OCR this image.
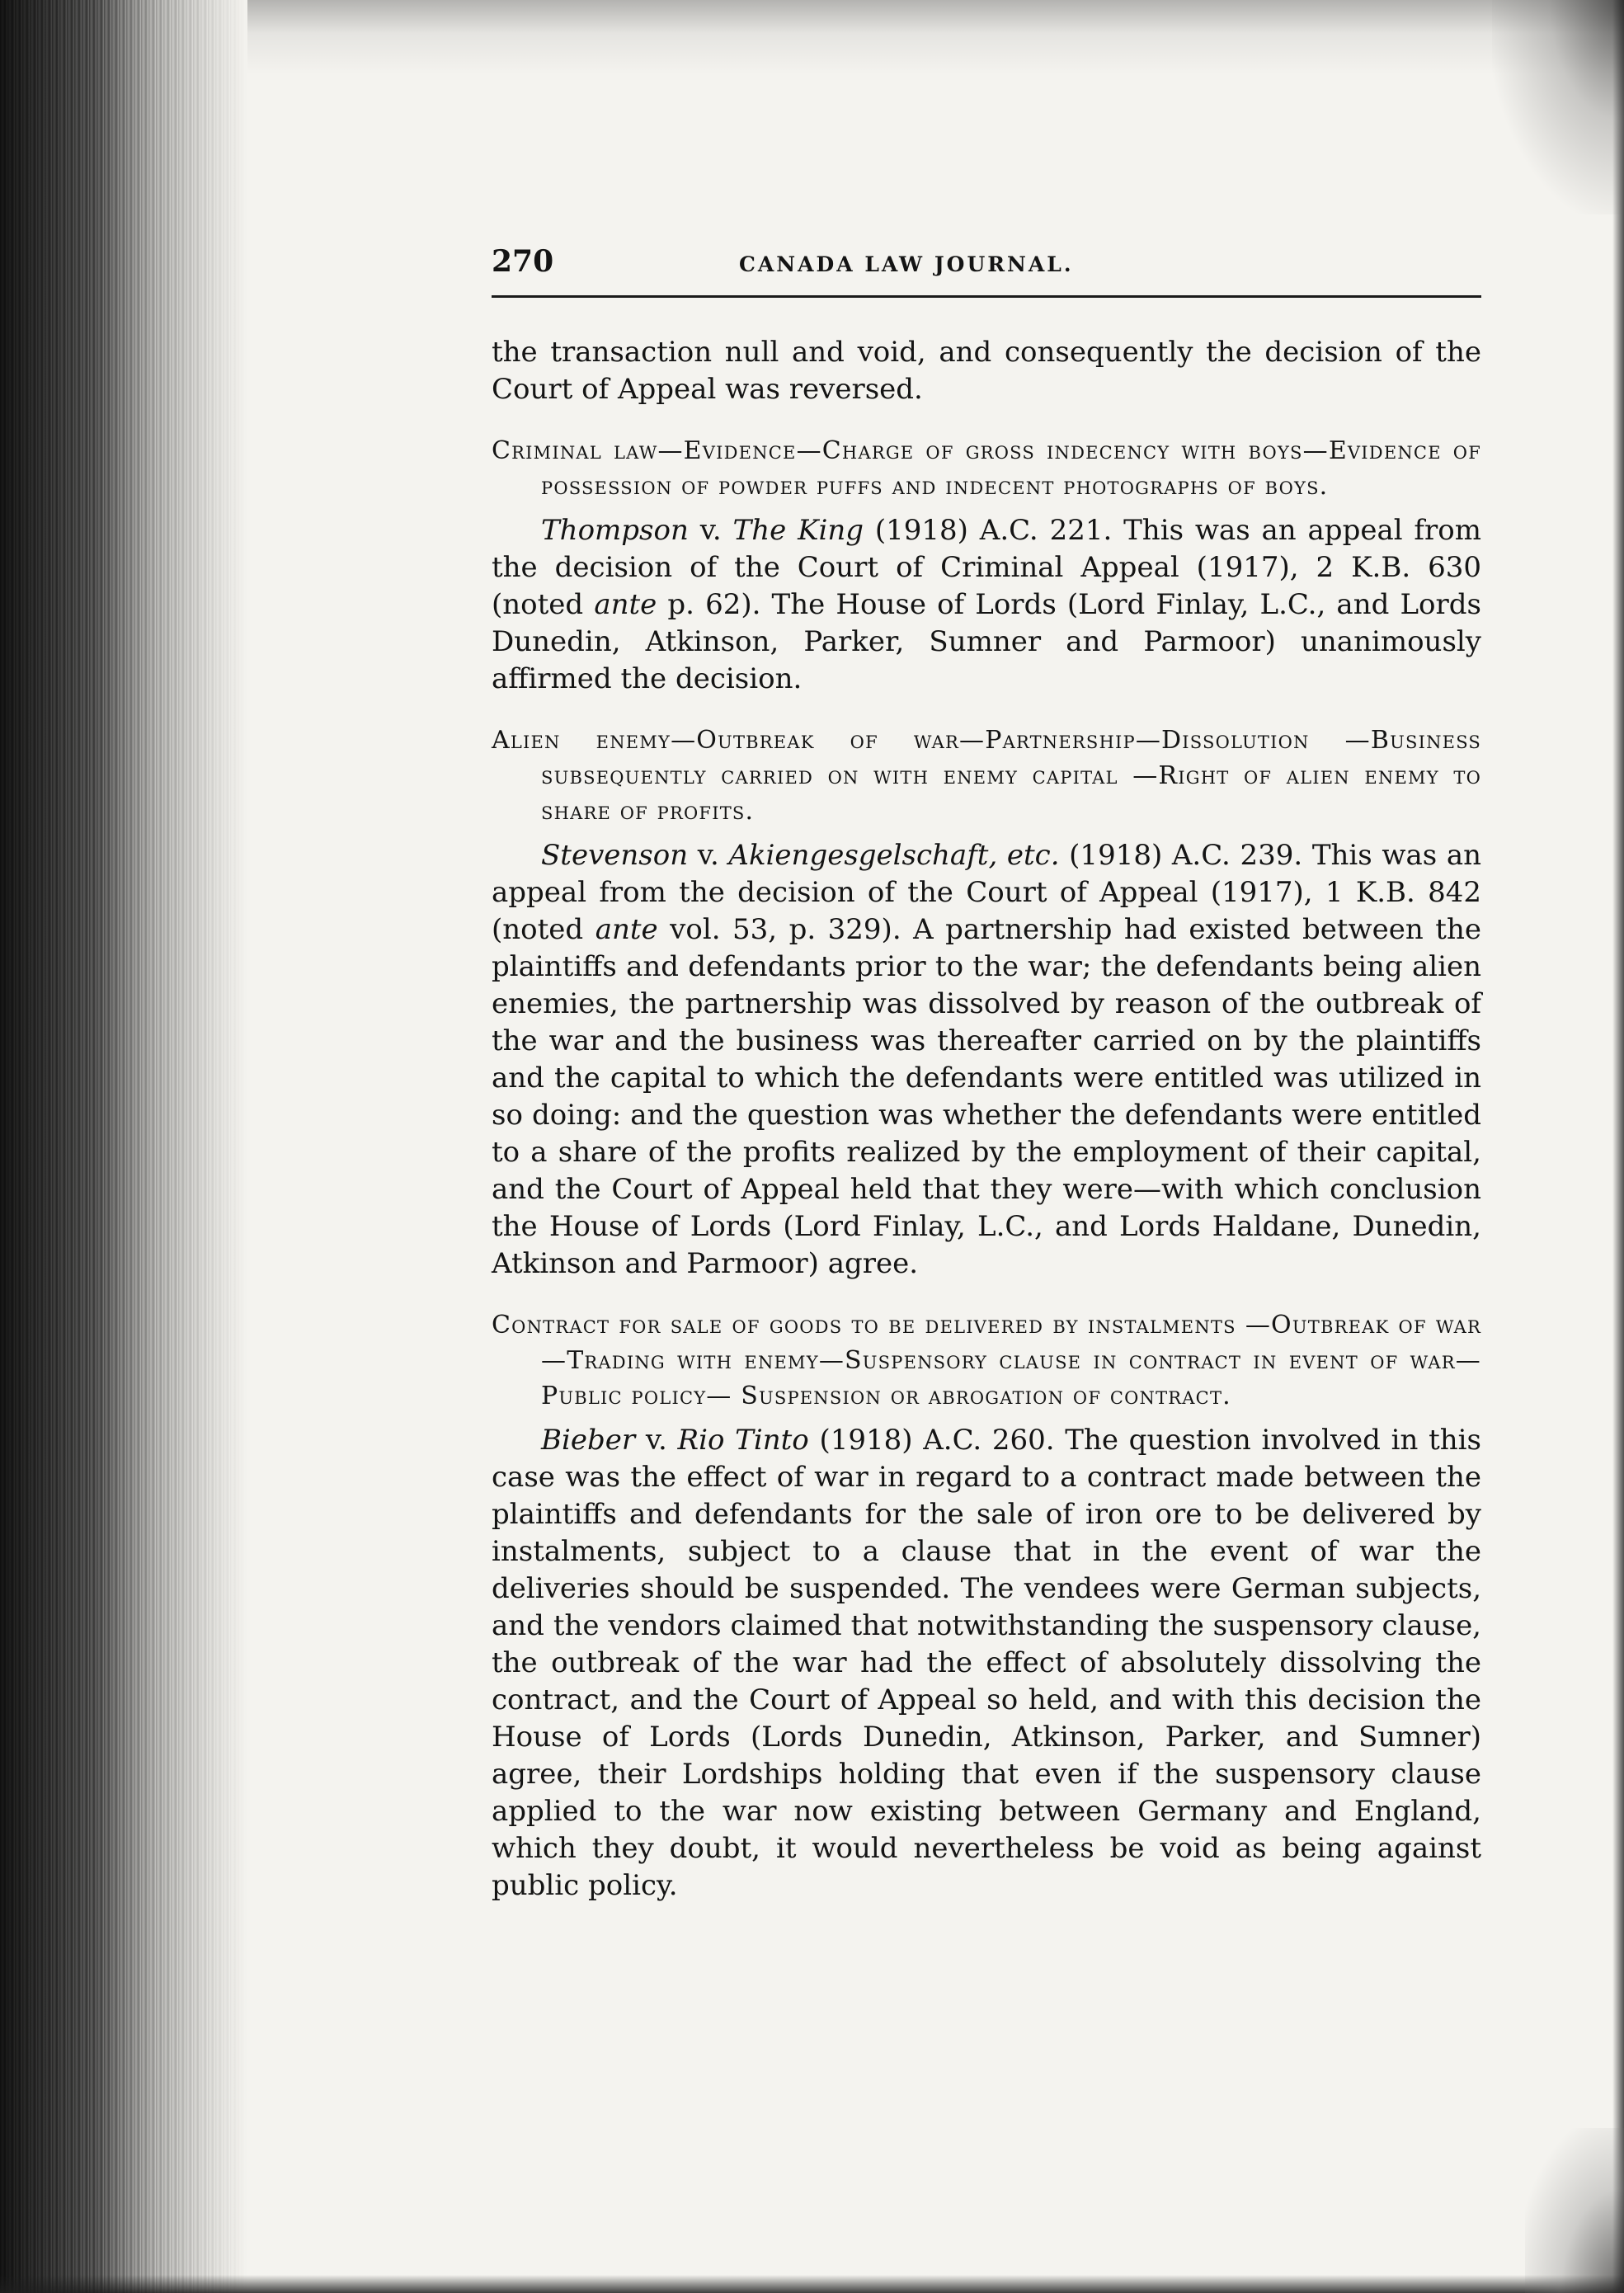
270	CANADA LAW JOURNAL.

the transaction null and void, and consequently the decision of the Court of Appeal was reversed.

Criminal law—Evidence—Charge of gross indecency with boys—Evidence of possession of powder puffs and indecent photographs of boys.

Thompson v. The King (1918) A.C. 221. This was an appeal from the decision of the Court of Criminal Appeal (1917), 2 K.B. 630 (noted ante p. 62). The House of Lords (Lord Finlay, L.C., and Lords Dunedin, Atkinson, Parker, Sumner and Parmoor) unanimously affirmed the decision.

Alien enemy—Outbreak of war—Partnership—Dissolution —Business subsequently carried on with enemy capital —Right of alien enemy to share of profits.

Stevenson v. Akiengesgelschaft, etc. (1918) A.C. 239. This was an appeal from the decision of the Court of Appeal (1917), 1 K.B. 842 (noted ante vol. 53, p. 329). A partnership had existed between the plaintiffs and defendants prior to the war; the defendants being alien enemies, the partnership was dissolved by reason of the outbreak of the war and the business was thereafter carried on by the plaintiffs and the capital to which the defendants were entitled was utilized in so doing: and the question was whether the defendants were entitled to a share of the profits realized by the employment of their capital, and the Court of Appeal held that they were—with which conclusion the House of Lords (Lord Finlay, L.C., and Lords Haldane, Dunedin, Atkinson and Parmoor) agree.

Contract for sale of goods to be delivered by instalments —Outbreak of war—Trading with enemy—Suspensory clause in contract in event of war—Public policy— Suspension or abrogation of contract.

Bieber v. Rio Tinto (1918) A.C. 260. The question involved in this case was the effect of war in regard to a contract made between the plaintiffs and defendants for the sale of iron ore to be delivered by instalments, subject to a clause that in the event of war the deliveries should be suspended. The vendees were German subjects, and the vendors claimed that notwithstanding the suspensory clause, the outbreak of the war had the effect of absolutely dissolving the contract, and the Court of Appeal so held, and with this decision the House of Lords (Lords Dunedin, Atkinson, Parker, and Sumner) agree, their Lordships holding that even if the suspensory clause applied to the war now existing between Germany and England, which they doubt, it would nevertheless be void as being against public policy.
